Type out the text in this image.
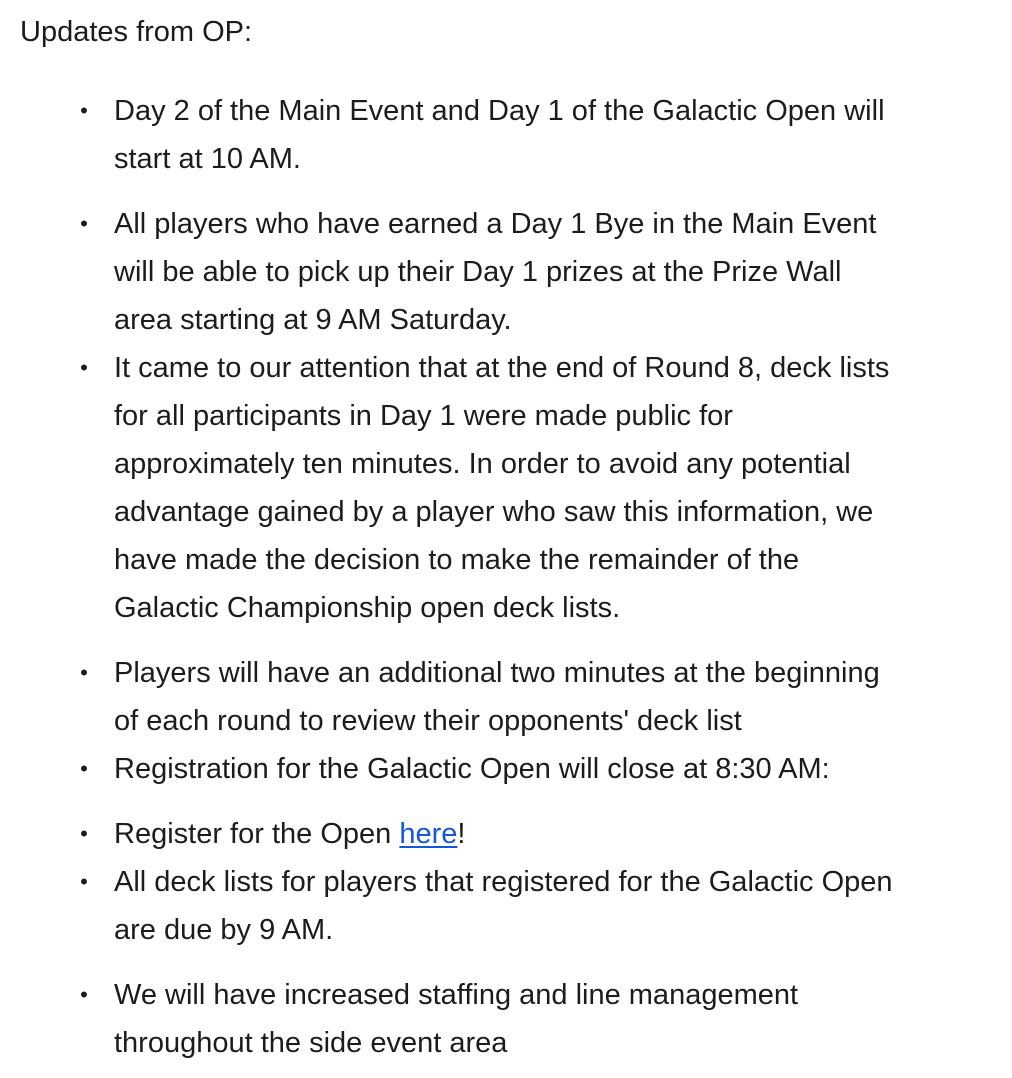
Updates from OP:

• Day 2 of the Main Event and Day 1 of the Galactic Open will
start at 10 AM.
• All players who have earned a Day 1 Bye in the Main Event
will be able to pick up their Day 1 prizes at the Prize Wall
area starting at 9 AM Saturday.
• It came to our attention that at the end of Round 8, deck lists
for all participants in Day 1 were made public for
approximately ten minutes. In order to avoid any potential
advantage gained by a player who saw this information, we
have made the decision to make the remainder of the
Galactic Championship open deck lists.
• Players will have an additional two minutes at the beginning
of each round to review their opponents' deck list
• Registration for the Galactic Open will close at 8:30 AM:
• Register for the Open here!
• All deck lists for players that registered for the Galactic Open
are due by 9 AM.
• We will have increased staffing and line management
throughout the side event area
